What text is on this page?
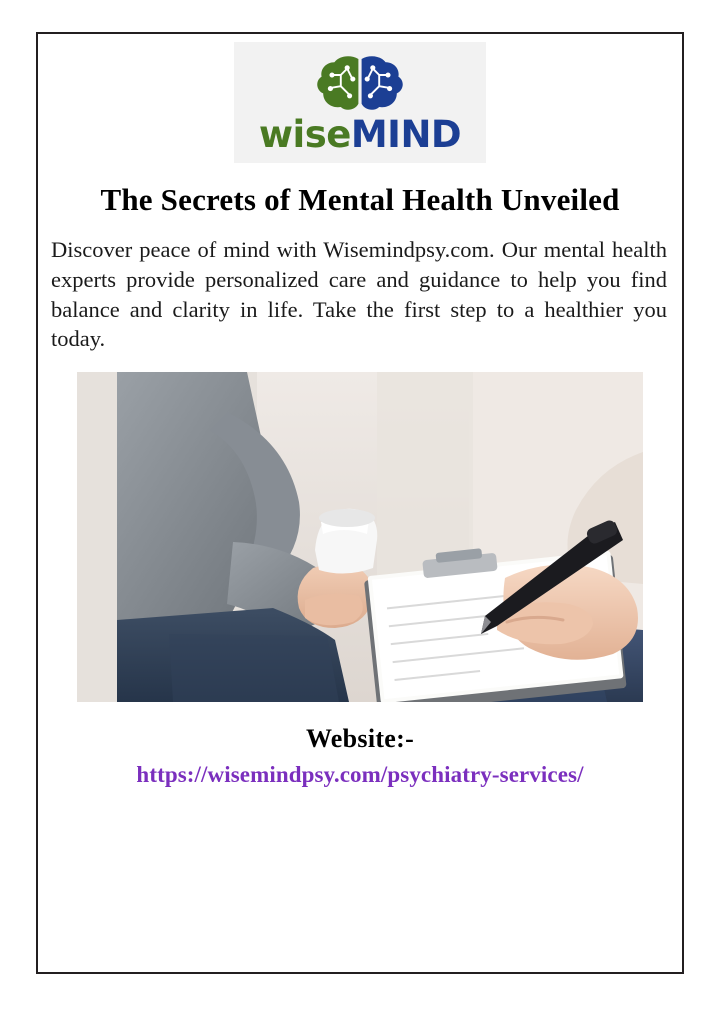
wiseMIND
The Secrets of Mental Health Unveiled

Discover peace of mind with Wisemindpsy.com. Our mental health experts provide personalized care and guidance to help you find balance and clarity in life. Take the first step to a healthier you today.

Website:-
https://wisemindpsy.com/psychiatry-services/
